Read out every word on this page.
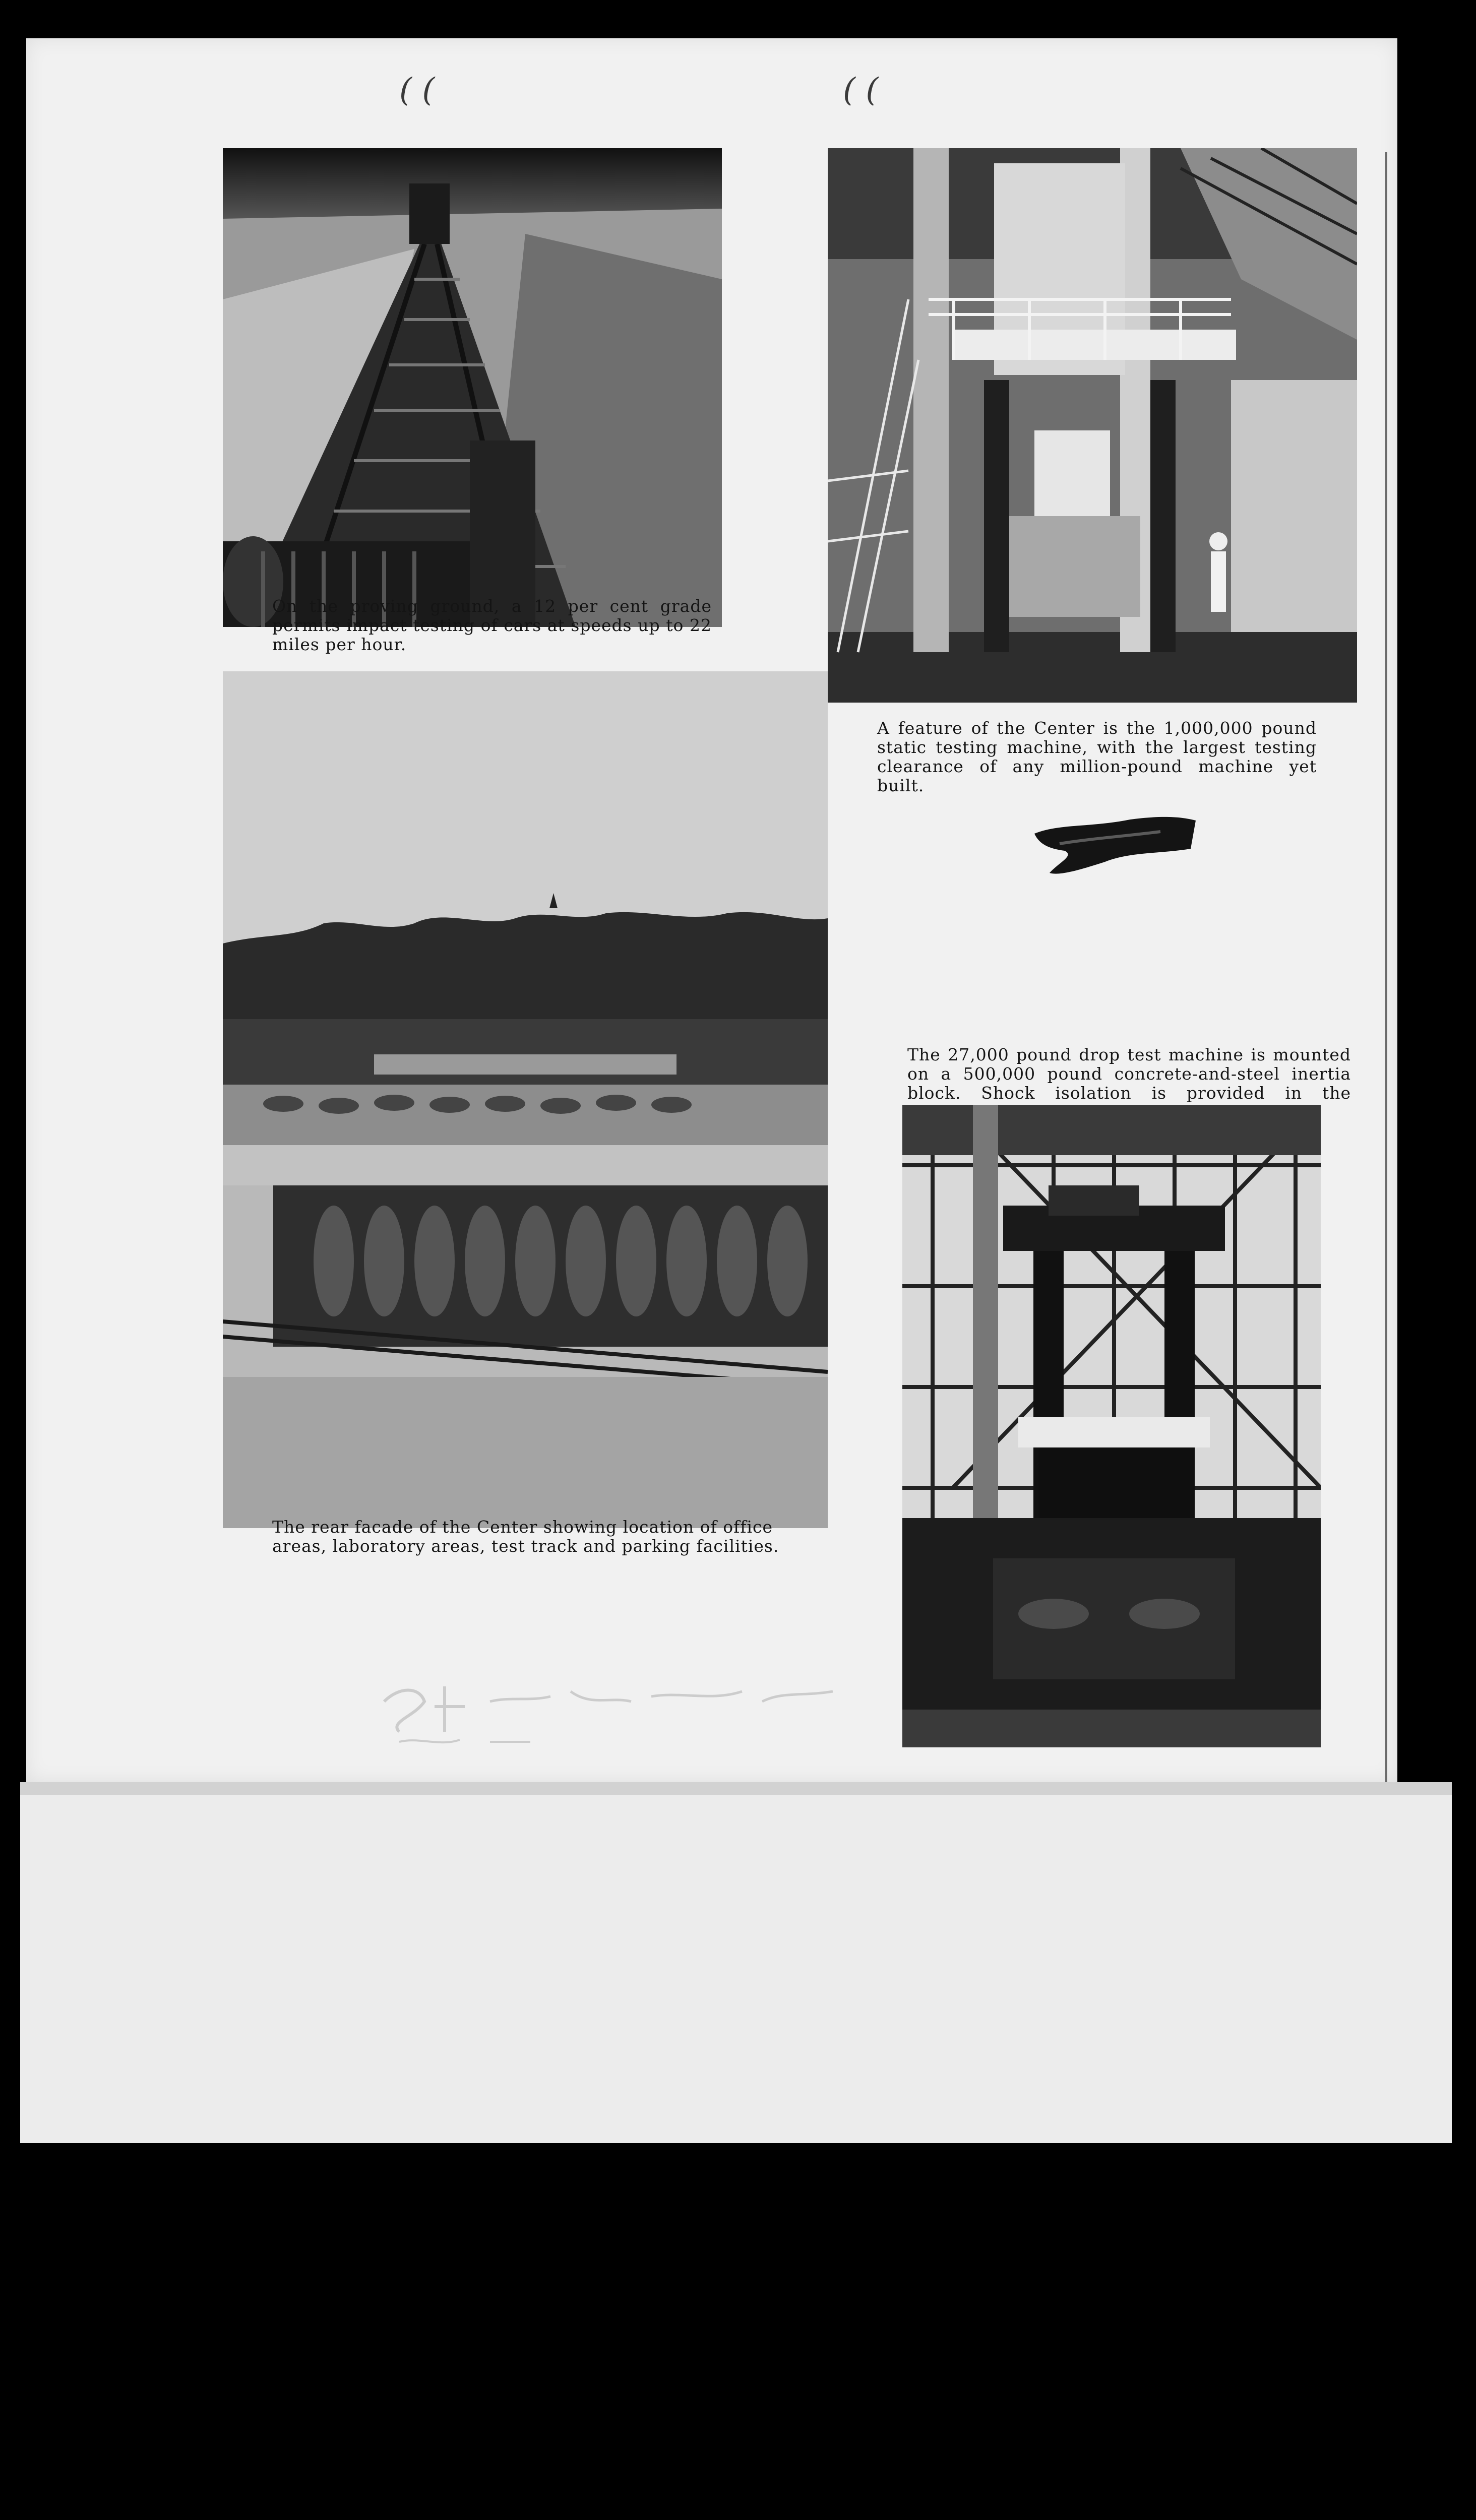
( (	( (
On the proving ground, a 12 per cent grade permits impact testing of cars at speeds up to 22 miles per hour.
A feature of the Center is the 1,000,000 pound static testing machine, with the largest testing clearance of any million-pound machine yet built.
The 27,000 pound drop test machine is mounted on a 500,000 pound concrete-and-steel inertia block. Shock isolation is provided in the
The rear facade of the Center showing location of office areas, laboratory areas, test track and parking facilities.
